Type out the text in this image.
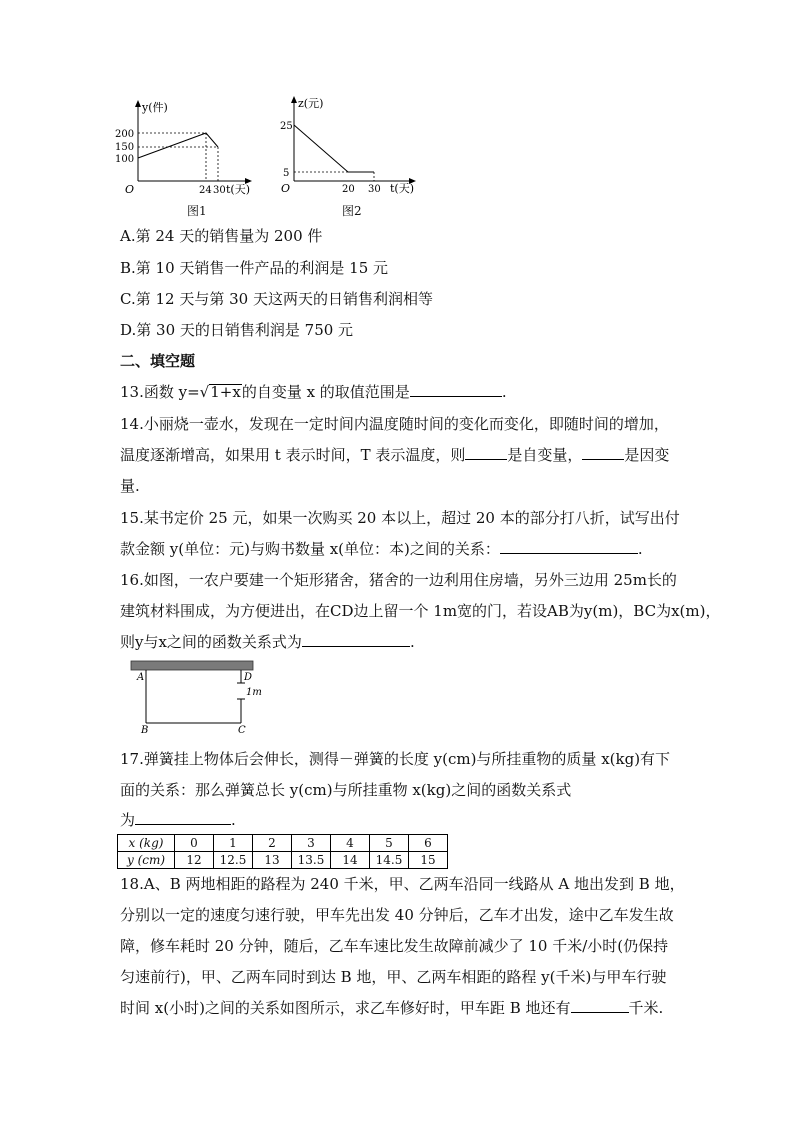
y(件)
200
150
100
O	24 30 t(天)
图1
z(元)
25
5
O	20 30 t(天)
图2
A.第 24 天的销售量为 200 件
B.第 10 天销售一件产品的利润是 15 元
C.第 12 天与第 30 天这两天的日销售利润相等
D.第 30 天的日销售利润是 750 元
二、填空题
13.函数 y=√1+x的自变量 x 的取值范围是	.
14.小丽烧一壶水，发现在一定时间内温度随时间的变化而变化，即随时间的增加，
温度逐渐增高，如果用 t 表示时间，T 表示温度，则	是自变量，	是因变
量.
15.某书定价 25 元，如果一次购买 20 本以上，超过 20 本的部分打八折，试写出付
款金额 y(单位：元)与购书数量 x(单位：本)之间的关系：	.
16.如图，一农户要建一个矩形猪舍，猪舍的一边利用住房墙，另外三边用 25m长的
建筑材料围成，为方便进出，在CD边上留一个 1m宽的门，若设AB为y(m)，BC为x(m)，
则y与x之间的函数关系式为	.
A	D
1m
B	C
17.弹簧挂上物体后会伸长，测得－弹簧的长度 y(cm)与所挂重物的质量 x(kg)有下
面的关系：那么弹簧总长 y(cm)与所挂重物 x(kg)之间的函数关系式
为	.
x (kg)	0	1	2	3	4	5	6
y (cm)	12	12.5	13	13.5	14	14.5	15
18.A、B 两地相距的路程为 240 千米，甲、乙两车沿同一线路从 A 地出发到 B 地，
分别以一定的速度匀速行驶，甲车先出发 40 分钟后，乙车才出发，途中乙车发生故
障，修车耗时 20 分钟，随后，乙车车速比发生故障前减少了 10 千米/小时(仍保持
匀速前行)，甲、乙两车同时到达 B 地，甲、乙两车相距的路程 y(千米)与甲车行驶
时间 x(小时)之间的关系如图所示，求乙车修好时，甲车距 B 地还有	千米.
